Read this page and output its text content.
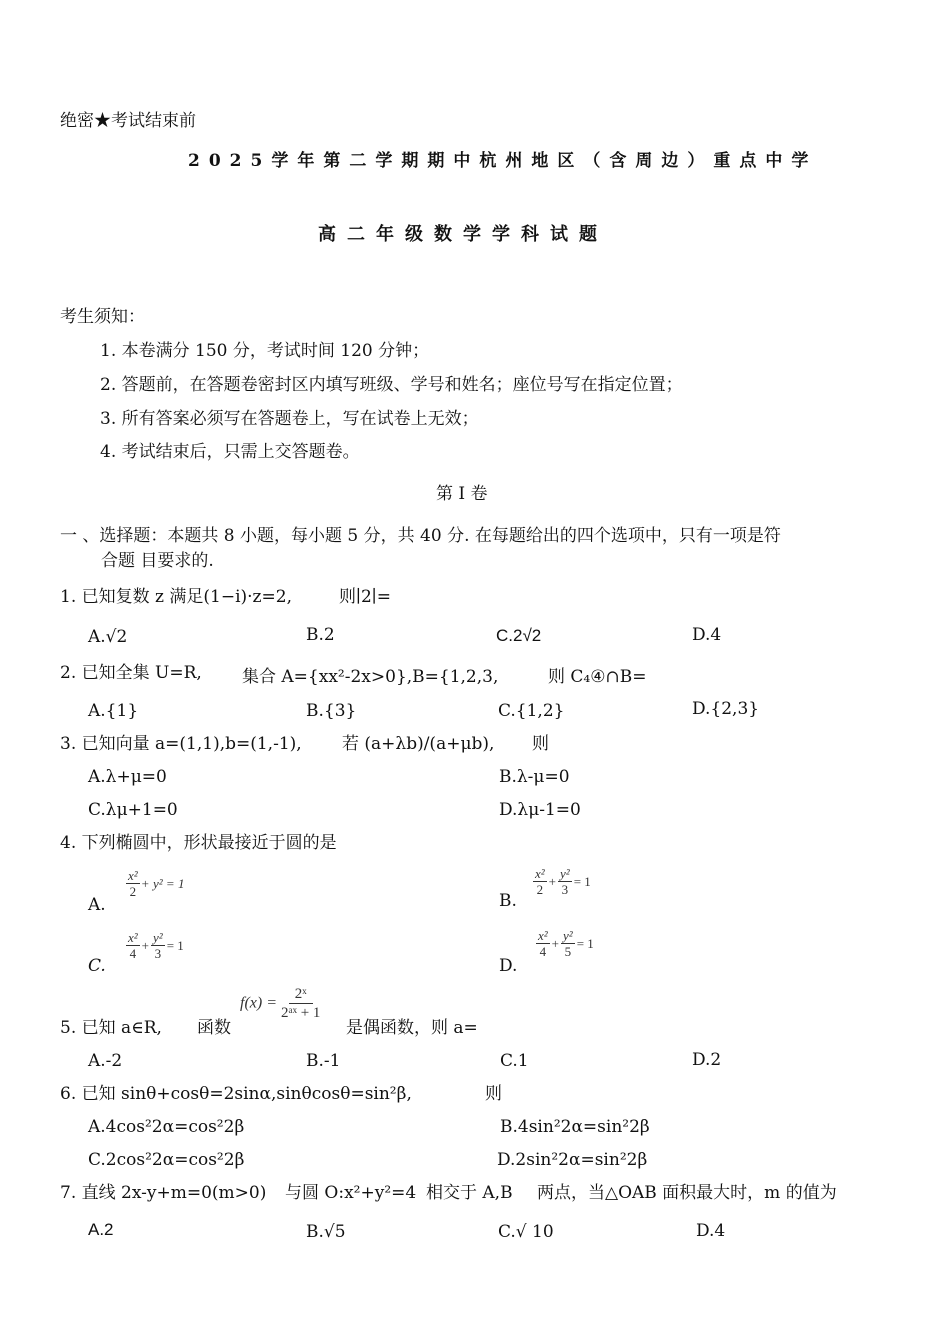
绝密★考试结束前
2025学年第二学期期中杭州地区（含周边）重点中学
高二年级数学学科试题
考生须知：
1. 本卷满分 150 分，考试时间 120 分钟；
2. 答题前，在答题卷密封区内填写班级、学号和姓名；座位号写在指定位置；
3. 所有答案必须写在答题卷上，写在试卷上无效；
4. 考试结束后，只需上交答题卷。
第 I 卷
一 、选择题：本题共 8 小题，每小题 5 分，共 40 分. 在每题给出的四个选项中，只有一项是符
合题 目要求的.
1. 已知复数 z 满足(1−i)·z=2,	则∣2∣=
A.√2	B.2	C.2√2	D.4
2. 已知全集 U=R, 集合 A={xx²-2x>0},B={1,2,3,	则 C₄④∩B=
A.{1}	B.{3}	C.{1,2}	D.{2,3}
3. 已知向量 a=(1,1),b=(1,-1), 若 (a+λb)/(a+μb), 则
A.λ+μ=0	B.λ-μ=0
C.λμ+1=0	D.λμ-1=0
4. 下列椭圆中，形状最接近于圆的是
A.
$\frac{\text{x²}}{2} + y^2 = 1$
B.
$\frac{\text{x²}}{2} + \frac{\text{y²}}{3} = 1$
C.
$\frac{\text{x²}}{4} + \frac{\text{y²}}{3} = 1$
D.
$\frac{\text{x²}}{4} + \frac{\text{y²}}{5} = 1$
5. 已知 a∈R, 函数
$f(x) = \frac{\text{2ˣ}}{\text{2ᵃˣ + 1}}$
是偶函数，则 a=
A.-2	B.-1	C.1	D.2
6. 已知 sinθ+cosθ=2sinα,sinθcosθ=sin²β,	则
A.4cos²2α=cos²2β	B.4sin²2α=sin²2β
C.2cos²2α=cos²2β	D.2sin²2α=sin²2β
7. 直线 2x-y+m=0(m>0) 与圆 O:x²+y²=4 相交于 A,B 两点，当△OAB 面积最大时，m 的值为
A.2	B.√5	C.√ 10	D.4
